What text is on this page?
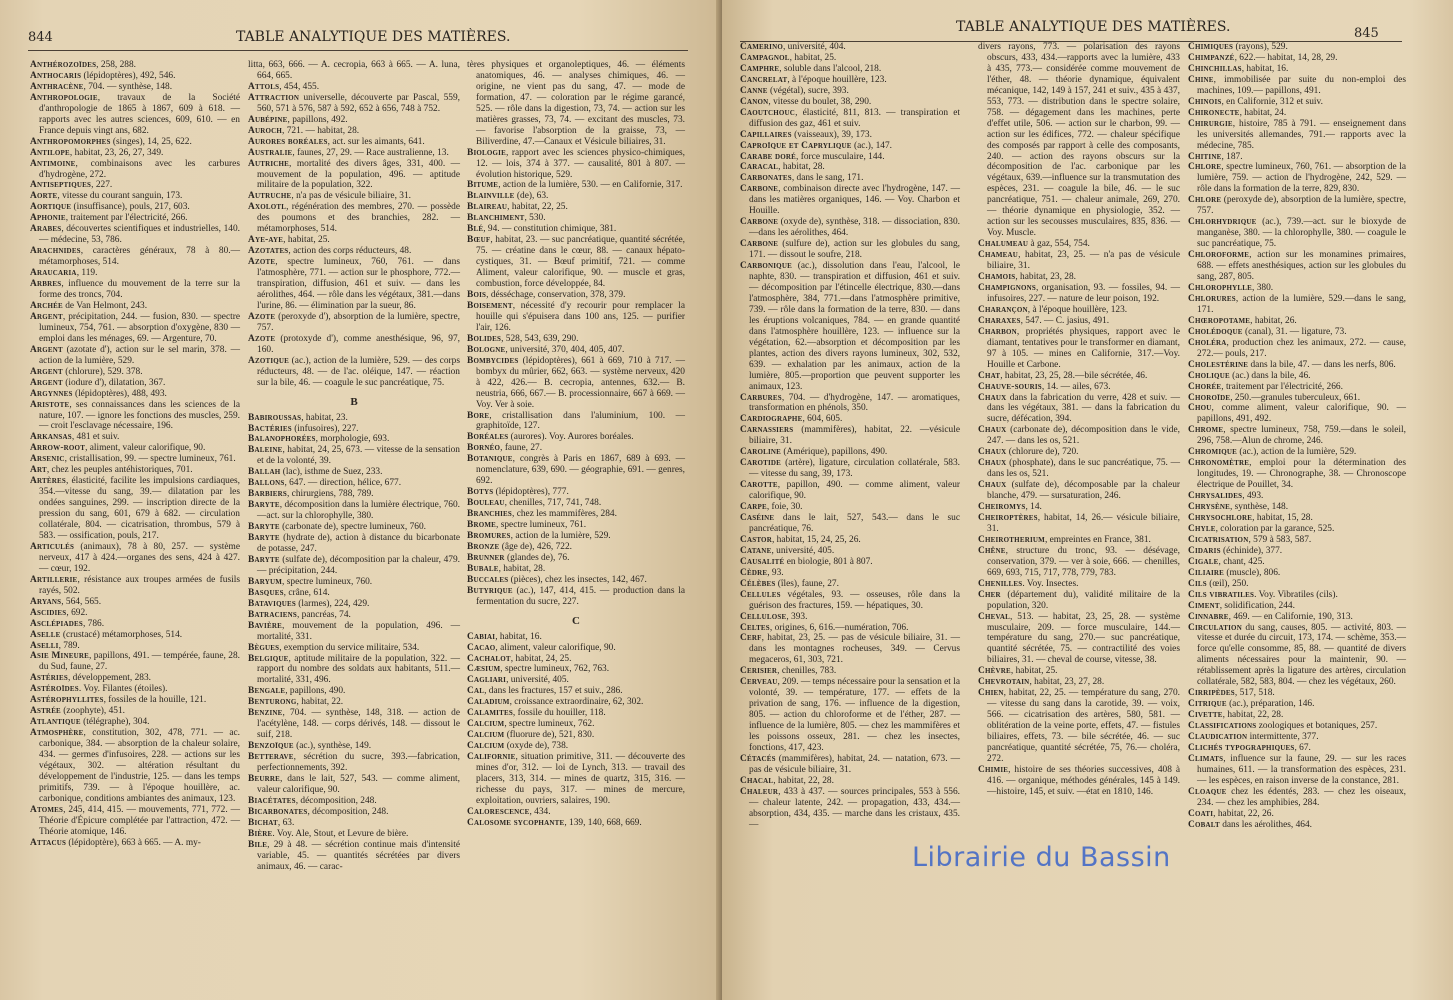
844	TABLE ANALYTIQUE DES MATIÈRES.

Anthérozoïdes, 258, 288.

Anthocaris (lépidoptères), 492, 546.

Anthracène, 704. — synthèse, 148.

Anthropologie, travaux de la Société d'anthropologie de 1865 à 1867, 609 à 618. — rapports avec les autres sciences, 609, 610. — en France depuis vingt ans, 682.

Anthropomorphes (singes), 14, 25, 622.

Antilope, habitat, 23, 26, 27, 349.

Antimoine, combinaisons avec les carbures d'hydrogène, 272.

Antiseptiques, 227.

Aorte, vitesse du courant sanguin, 173.

Aortique (insuffisance), pouls, 217, 603.

Aphonie, traitement par l'électricité, 266.

Arabes, découvertes scientifiques et industrielles, 140. — médecine, 53, 786.

Arachnides, caractères généraux, 78 à 80.— métamorphoses, 514.

Araucaria, 119.

Arbres, influence du mouvement de la terre sur la forme des troncs, 704.

Archée de Van Helmont, 243.

Argent, précipitation, 244. — fusion, 830. — spectre lumineux, 754, 761. — absorption d'oxygène, 830 — emploi dans les ménages, 69. — Argenture, 70.

Argent (azotate d'), action sur le sel marin, 378. — action de la lumière, 529.

Argent (chlorure), 529. 378.

Argent (iodure d'), dilatation, 367.

Argynnes (lépidoptères), 488, 493.

Aristote, ses connaissances dans les sciences de la nature, 107. — ignore les fonctions des muscles, 259. — croit l'esclavage nécessaire, 196.

Arkansas, 481 et suiv.

Arrow-root, aliment, valeur calorifique, 90.

Arsenic, cristallisation, 99. — spectre lumineux, 761.

Art, chez les peuples antéhistoriques, 701.

Artères, élasticité, facilite les impulsions cardiaques, 354.—vitesse du sang, 39.— dilatation par les ondées sanguines, 299. — inscription directe de la pression du sang, 601, 679 à 682. — circulation collatérale, 804. — cicatrisation, thrombus, 579 à 583. — ossification, pouls, 217.

Articulés (animaux), 78 à 80, 257. — système nerveux, 417 à 424.—organes des sens, 424 à 427. — cœur, 192.

Artillerie, résistance aux troupes armées de fusils rayés, 502.

Aryans, 564, 565.

Ascidies, 692.

Asclépiades, 786.

Aselle (crustacé) métamorphoses, 514.

Aselli, 789.

Asie Mineure, papillons, 491. — tempérée, faune, 28. du Sud, faune, 27.

Astéries, développement, 283.

Astéroïdes. Voy. Filantes (étoiles).

Astérophyllites, fossiles de la houille, 121.

Astrée (zoophyte), 451.

Atlantique (télégraphe), 304.

Atmosphère, constitution, 302, 478, 771. — ac. carbonique, 384. — absorption de la chaleur solaire, 434. — germes d'infusoires, 228. — actions sur les végétaux, 302. — altération résultant du développement de l'industrie, 125. — dans les temps primitifs, 739. — à l'époque houillère, ac. carbonique, conditions ambiantes des animaux, 123.

Atomes, 245, 414, 415. — mouvements, 771, 772. — Théorie d'Épicure complétée par l'attraction, 472. — Théorie atomique, 146.

Attacus (lépidoptère), 663 à 665. — A. my-

litta, 663, 666. — A. cecropia, 663 à 665. — A. luna, 664, 665.

Attols, 454, 455.

Attraction universelle, découverte par Pascal, 559, 560, 571 à 576, 587 à 592, 652 à 656, 748 à 752.

Aubépine, papillons, 492.

Auroch, 721. — habitat, 28.

Aurores boréales, act. sur les aimants, 641.

Australie, faunes, 27, 29. — Race australienne, 13.

Autriche, mortalité des divers âges, 331, 400. — mouvement de la population, 496. — aptitude militaire de la population, 322.

Autruche, n'a pas de vésicule biliaire, 31.

Axolotl, régénération des membres, 270. — possède des poumons et des branchies, 282. — métamorphoses, 514.

Aye-aye, habitat, 25.

Azotates, action des corps réducteurs, 48.

Azote, spectre lumineux, 760, 761. — dans l'atmosphère, 771. — action sur le phosphore, 772.—transpiration, diffusion, 461 et suiv. — dans les aérolithes, 464. — rôle dans les végétaux, 381.—dans l'urine, 86. — élimination par la sueur, 86.

Azote (peroxyde d'), absorption de la lumière, spectre, 757.

Azote (protoxyde d'), comme anesthésique, 96, 97, 160.

Azotique (ac.), action de la lumière, 529. — des corps réducteurs, 48. — de l'ac. oléique, 147. — réaction sur la bile, 46. — coagule le suc pancréatique, 75.

B

Babiroussas, habitat, 23.

Bactéries (infusoires), 227.

Balanophorées, morphologie, 693.

Baleine, habitat, 24, 25, 673. — vitesse de la sensation et de la volonté, 39.

Ballah (lac), isthme de Suez, 233.

Ballons, 647. — direction, hélice, 677.

Barbiers, chirurgiens, 788, 789.

Baryte, décomposition dans la lumière électrique, 760.—act. sur la chlorophylle, 380.

Baryte (carbonate de), spectre lumineux, 760.

Baryte (hydrate de), action à distance du bicarbonate de potasse, 247.

Baryte (sulfate de), décomposition par la chaleur, 479. — précipitation, 244.

Baryum, spectre lumineux, 760.

Basques, crâne, 614.

Bataviques (larmes), 224, 429.

Batraciens, pancréas, 74.

Bavière, mouvement de la population, 496. — mortalité, 331.

Bègues, exemption du service militaire, 534.

Belgique, aptitude militaire de la population, 322. — rapport du nombre des soldats aux habitants, 511.—mortalité, 331, 496.

Bengale, papillons, 490.

Benturong, habitat, 22.

Benzine, 704. — synthèse, 148, 318. — action de l'acétylène, 148. — corps dérivés, 148. — dissout le suif, 218.

Benzoïque (ac.), synthèse, 149.

Betterave, sécrétion du sucre, 393.—fabrication, perfectionnements, 392.

Beurre, dans le lait, 527, 543. — comme aliment, valeur calorifique, 90.

Biacétates, décomposition, 248.

Bicarbonates, décomposition, 248.

Bichat, 63.

Bière. Voy. Ale, Stout, et Levure de bière.

Bile, 29 à 48. — sécrétion continue mais d'intensité variable, 45. — quantités sécrétées par divers animaux, 46. — carac-

tères physiques et organoleptiques, 46. — éléments anatomiques, 46. — analyses chimiques, 46. — origine, ne vient pas du sang, 47. — mode de formation, 47. — coloration par le régime garancé, 525. — rôle dans la digestion, 73, 74. — action sur les matières grasses, 73, 74. — excitant des muscles, 73. — favorise l'absorption de la graisse, 73, — Biliverdine, 47.—Canaux et Vésicule biliaires, 31.

Biologie, rapport avec les sciences physico-chimiques, 12. — lois, 374 à 377. — causalité, 801 à 807. —évolution historique, 529.

Bitume, action de la lumière, 530. — en Californie, 317.

Blainville (de), 63.

Blaireau, habitat, 22, 25.

Blanchiment, 530.

Blé, 94. — constitution chimique, 381.

Bœuf, habitat, 23. — suc pancréatique, quantité sécrétée, 75. — créatine dans le cœur, 88. — canaux hépato-cystiques, 31. — Bœuf primitif, 721. — comme Aliment, valeur calorifique, 90. — muscle et gras, combustion, force développée, 84.

Bois, désséchage, conservation, 378, 379.

Boisement, nécessité d'y recourir pour remplacer la houille qui s'épuisera dans 100 ans, 125. — purifier l'air, 126.

Bolides, 528, 543, 639, 290.

Bologne, université, 370, 404, 405, 407.

Bombycides (lépidoptères), 661 à 669, 710 à 717. — bombyx du mûrier, 662, 663. — système nerveux, 420 à 422, 426.— B. cecropia, antennes, 632.— B. neustria, 666, 667.— B. processionnaire, 667 à 669. — Voy. Ver à soie.

Bore, cristallisation dans l'aluminium, 100. — graphitoïde, 127.

Boréales (aurores). Voy. Aurores boréales.

Bornéo, faune, 27.

Botanique, congrès à Paris en 1867, 689 à 693. — nomenclature, 639, 690. — géographie, 691. — genres, 692.

Botys (lépidoptères), 777.

Bouleau, chenilles, 717, 741, 748.

Branchies, chez les mammifères, 284.

Brome, spectre lumineux, 761.

Bromures, action de la lumière, 529.

Bronze (âge de), 426, 722.

Brunner (glandes de), 76.

Bubale, habitat, 28.

Buccales (pièces), chez les insectes, 142, 467.

Butyrique (ac.), 147, 414, 415. — production dans la fermentation du sucre, 227.

C

Cabiai, habitat, 16.

Cacao, aliment, valeur calorifique, 90.

Cachalot, habitat, 24, 25.

Cæsium, spectre lumineux, 762, 763.

Cagliari, université, 405.

Cal, dans les fractures, 157 et suiv., 286.

Caladium, croissance extraordinaire, 62, 302.

Calamites, fossile du houiller, 118.

Calcium, spectre lumineux, 762.

Calcium (fluorure de), 521, 830.

Calcium (oxyde de), 738.

Californie, situation primitive, 311. — découverte des mines d'or, 312. — loi de Lynch, 313. — travail des placers, 313, 314. — mines de quartz, 315, 316. —richesse du pays, 317. — mines de mercure, exploitation, ouvriers, salaires, 190.

Calorescence, 434.

Calosome sycophante, 139, 140, 668, 669.

TABLE ANALYTIQUE DES MATIÈRES.	845

Camerino, université, 404.

Campagnol, habitat, 25.

Camphre, soluble dans l'alcool, 218.

Cancrelat, à l'époque houillère, 123.

Canne (végétal), sucre, 393.

Canon, vitesse du boulet, 38, 290.

Caoutchouc, élasticité, 811, 813. — transpiration et diffusion des gaz, 461 et suiv.

Capillaires (vaisseaux), 39, 173.

Caproïque et Caprylique (ac.), 147.

Carabe doré, force musculaire, 144.

Caracal, habitat, 28.

Carbonates, dans le sang, 171.

Carbone, combinaison directe avec l'hydrogène, 147. — dans les matières organiques, 146. — Voy. Charbon et Houille.

Carbone (oxyde de), synthèse, 318. — dissociation, 830.—dans les aérolithes, 464.

Carbone (sulfure de), action sur les globules du sang, 171. — dissout le soufre, 218.

Carbonique (ac.), dissolution dans l'eau, l'alcool, le naphte, 830. — transpiration et diffusion, 461 et suiv. — décomposition par l'étincelle électrique, 830.—dans l'atmosphère, 384, 771.—dans l'atmosphère primitive, 739. — rôle dans la formation de la terre, 830. — dans les éruptions volcaniques, 784. — en grande quantité dans l'atmosphère houillère, 123. — influence sur la végétation, 62.—absorption et décomposition par les plantes, action des divers rayons lumineux, 302, 532, 639. — exhalation par les animaux, action de la lumière, 805.—proportion que peuvent supporter les animaux, 123.

Carbures, 704. — d'hydrogène, 147. — aromatiques, transformation en phénols, 350.

Cardiographe, 604, 605.

Carnassiers (mammifères), habitat, 22. —vésicule biliaire, 31.

Caroline (Amérique), papillons, 490.

Carotide (artère), ligature, circulation collatérale, 583. — vitesse du sang, 39, 173.

Carotte, papillon, 490. — comme aliment, valeur calorifique, 90.

Carpe, foie, 30.

Caséine dans le lait, 527, 543.— dans le suc pancréatique, 76.

Castor, habitat, 15, 24, 25, 26.

Catane, université, 405.

Causalité en biologie, 801 à 807.

Cèdre, 93.

Célèbes (îles), faune, 27.

Cellules végétales, 93. — osseuses, rôle dans la guérison des fractures, 159. — hépatiques, 30.

Cellulose, 393.

Celtes, origines, 6, 616.—numération, 706.

Cerf, habitat, 23, 25. — pas de vésicule biliaire, 31. — dans les montagnes rocheuses, 349. — Cervus megaceros, 61, 303, 721.

Cerisier, chenilles, 783.

Cerveau, 209. — temps nécessaire pour la sensation et la volonté, 39. — température, 177. — effets de la privation de sang, 176. — influence de la digestion, 805. — action du chloroforme et de l'éther, 287. — influence de la lumière, 805. — chez les mammifères et les poissons osseux, 281. — chez les insectes, fonctions, 417, 423.

Cétacés (mammifères), habitat, 24. — natation, 673. — pas de vésicule biliaire, 31.

Chacal, habitat, 22, 28.

Chaleur, 433 à 437. — sources principales, 553 à 556. — chaleur latente, 242. — propagation, 433, 434.—absorption, 434, 435. — marche dans les cristaux, 435.—

divers rayons, 773. — polarisation des rayons obscurs, 433, 434.—rapports avec la lumière, 433 à 435, 773.— considérée comme mouvement de l'éther, 48. — théorie dynamique, équivalent mécanique, 142, 149 à 157, 241 et suiv., 435 à 437, 553, 773. — distribution dans le spectre solaire, 758. — dégagement dans les machines, perte d'effet utile, 506. — action sur le charbon, 99. — action sur les édifices, 772. — chaleur spécifique des composés par rapport à celle des composants, 240. — action des rayons obscurs sur la décomposition de l'ac. carbonique par les végétaux, 639.—influence sur la transmutation des espèces, 231. — coagule la bile, 46. — le suc pancréatique, 751. — chaleur animale, 269, 270. — théorie dynamique en physiologie, 352. — action sur les secousses musculaires, 835, 836. — Voy. Muscle.

Chalumeau à gaz, 554, 754.

Chameau, habitat, 23, 25. — n'a pas de vésicule biliaire, 31.

Chamois, habitat, 23, 28.

Champignons, organisation, 93. — fossiles, 94. — infusoires, 227. — nature de leur poison, 192.

Charançon, à l'époque houillère, 123.

Charaxes, 547. — C. jasius, 491.

Charbon, propriétés physiques, rapport avec le diamant, tentatives pour le transformer en diamant, 97 à 105. — mines en Californie, 317.—Voy. Houille et Carbone.

Chat, habitat, 23, 25, 28.—bile sécrétée, 46.

Chauve-souris, 14. — ailes, 673.

Chaux dans la fabrication du verre, 428 et suiv. — dans les végétaux, 381. — dans la fabrication du sucre, défécation, 394.

Chaux (carbonate de), décomposition dans le vide, 247. — dans les os, 521.

Chaux (chlorure de), 720.

Chaux (phosphate), dans le suc pancréatique, 75. — dans les os, 521.

Chaux (sulfate de), décomposable par la chaleur blanche, 479. — sursaturation, 246.

Cheiromys, 14.

Cheiroptères, habitat, 14, 26.— vésicule biliaire, 31.

Cheirotherium, empreintes en France, 381.

Chêne, structure du tronc, 93. — désévage, conservation, 379. — ver à soie, 666. — chenilles, 669, 693, 715, 717, 778, 779, 783.

Chenilles. Voy. Insectes.

Cher (département du), validité militaire de la population, 320.

Cheval, 513. — habitat, 23, 25, 28. — système musculaire, 209. — force musculaire, 144.—température du sang, 270.— suc pancréatique, quantité sécrétée, 75. — contractilité des voies biliaires, 31. — cheval de course, vitesse, 38.

Chèvre, habitat, 25.

Chevrotain, habitat, 23, 27, 28.

Chien, habitat, 22, 25. — température du sang, 270. — vitesse du sang dans la carotide, 39. — voix, 566. — cicatrisation des artères, 580, 581. — oblitération de la veine porte, effets, 47. — fistules biliaires, effets, 73. — bile sécrétée, 46. — suc pancréatique, quantité sécrétée, 75, 76.— choléra, 272.

Chimie, histoire de ses théories successives, 408 à 416. — organique, méthodes générales, 145 à 149.—histoire, 145, et suiv. —état en 1810, 146.

Chimiques (rayons), 529.

Chimpanzé, 622.— habitat, 14, 28, 29.

Chinchillas, habitat, 16.

Chine, immobilisée par suite du non-emploi des machines, 109.— papillons, 491.

Chinois, en Californie, 312 et suiv.

Chironecte, habitat, 24.

Chirurgie, histoire, 785 à 791. — enseignement dans les universités allemandes, 791.— rapports avec la médecine, 785.

Chitine, 187.

Chlore, spectre lumineux, 760, 761. — absorption de la lumière, 759. — action de l'hydrogène, 242, 529. — rôle dans la formation de la terre, 829, 830.

Chlore (peroxyde de), absorption de la lumière, spectre, 757.

Chlorhydrique (ac.), 739.—act. sur le bioxyde de manganèse, 380. — la chlorophylle, 380. — coagule le suc pancréatique, 75.

Chloroforme, action sur les monamines primaires, 688. — effets anesthésiques, action sur les globules du sang, 287, 805.

Chlorophylle, 380.

Chlorures, action de la lumière, 529.—dans le sang, 171.

Chœropotame, habitat, 26.

Cholédoque (canal), 31. — ligature, 73.

Choléra, production chez les animaux, 272. — cause, 272.— pouls, 217.

Cholestérine dans la bile, 47. — dans les nerfs, 806.

Cholique (ac.) dans la bile, 46.

Chorée, traitement par l'électricité, 266.

Choroïde, 250.—granules tuberculeux, 661.

Chou, comme aliment, valeur calorifique, 90. — papillons, 491, 492.

Chrome, spectre lumineux, 758, 759.—dans le soleil, 296, 758.—Alun de chrome, 246.

Chromique (ac.), action de la lumière, 529.

Chronomètre, emploi pour la détermination des longitudes, 19. — Chronographe, 38. — Chronoscope électrique de Pouillet, 34.

Chrysalides, 493.

Chrysène, synthèse, 148.

Chrysochlore, habitat, 15, 28.

Chyle, coloration par la garance, 525.

Cicatrisation, 579 à 583, 587.

Cidaris (échinide), 377.

Cigale, chant, 425.

Ciliaire (muscle), 806.

Cils (œil), 250.

Cils vibratiles. Voy. Vibratiles (cils).

Ciment, solidification, 244.

Cinnabre, 469. — en Californie, 190, 313.

Circulation du sang, causes, 805. — activité, 803. — vitesse et durée du circuit, 173, 174. — schème, 353.—force qu'elle consomme, 85, 88. — quantité de divers aliments nécessaires pour la maintenir, 90. — rétablissement après la ligature des artères, circulation collatérale, 582, 583, 804. — chez les végétaux, 260.

Cirripèdes, 517, 518.

Citrique (ac.), préparation, 146.

Civette, habitat, 22, 28.

Classifications zoologiques et botaniques, 257.

Claudication intermittente, 377.

Clichés typographiques, 67.

Climats, influence sur la faune, 29. — sur les races humaines, 611. — la transformation des espèces, 231. — les espèces, en raison inverse de la constance, 281.

Cloaque chez les édentés, 283. — chez les oiseaux, 234. — chez les amphibies, 284.

Coati, habitat, 22, 26.

Cobalt dans les aérolithes, 464.

Librairie du Bassin
